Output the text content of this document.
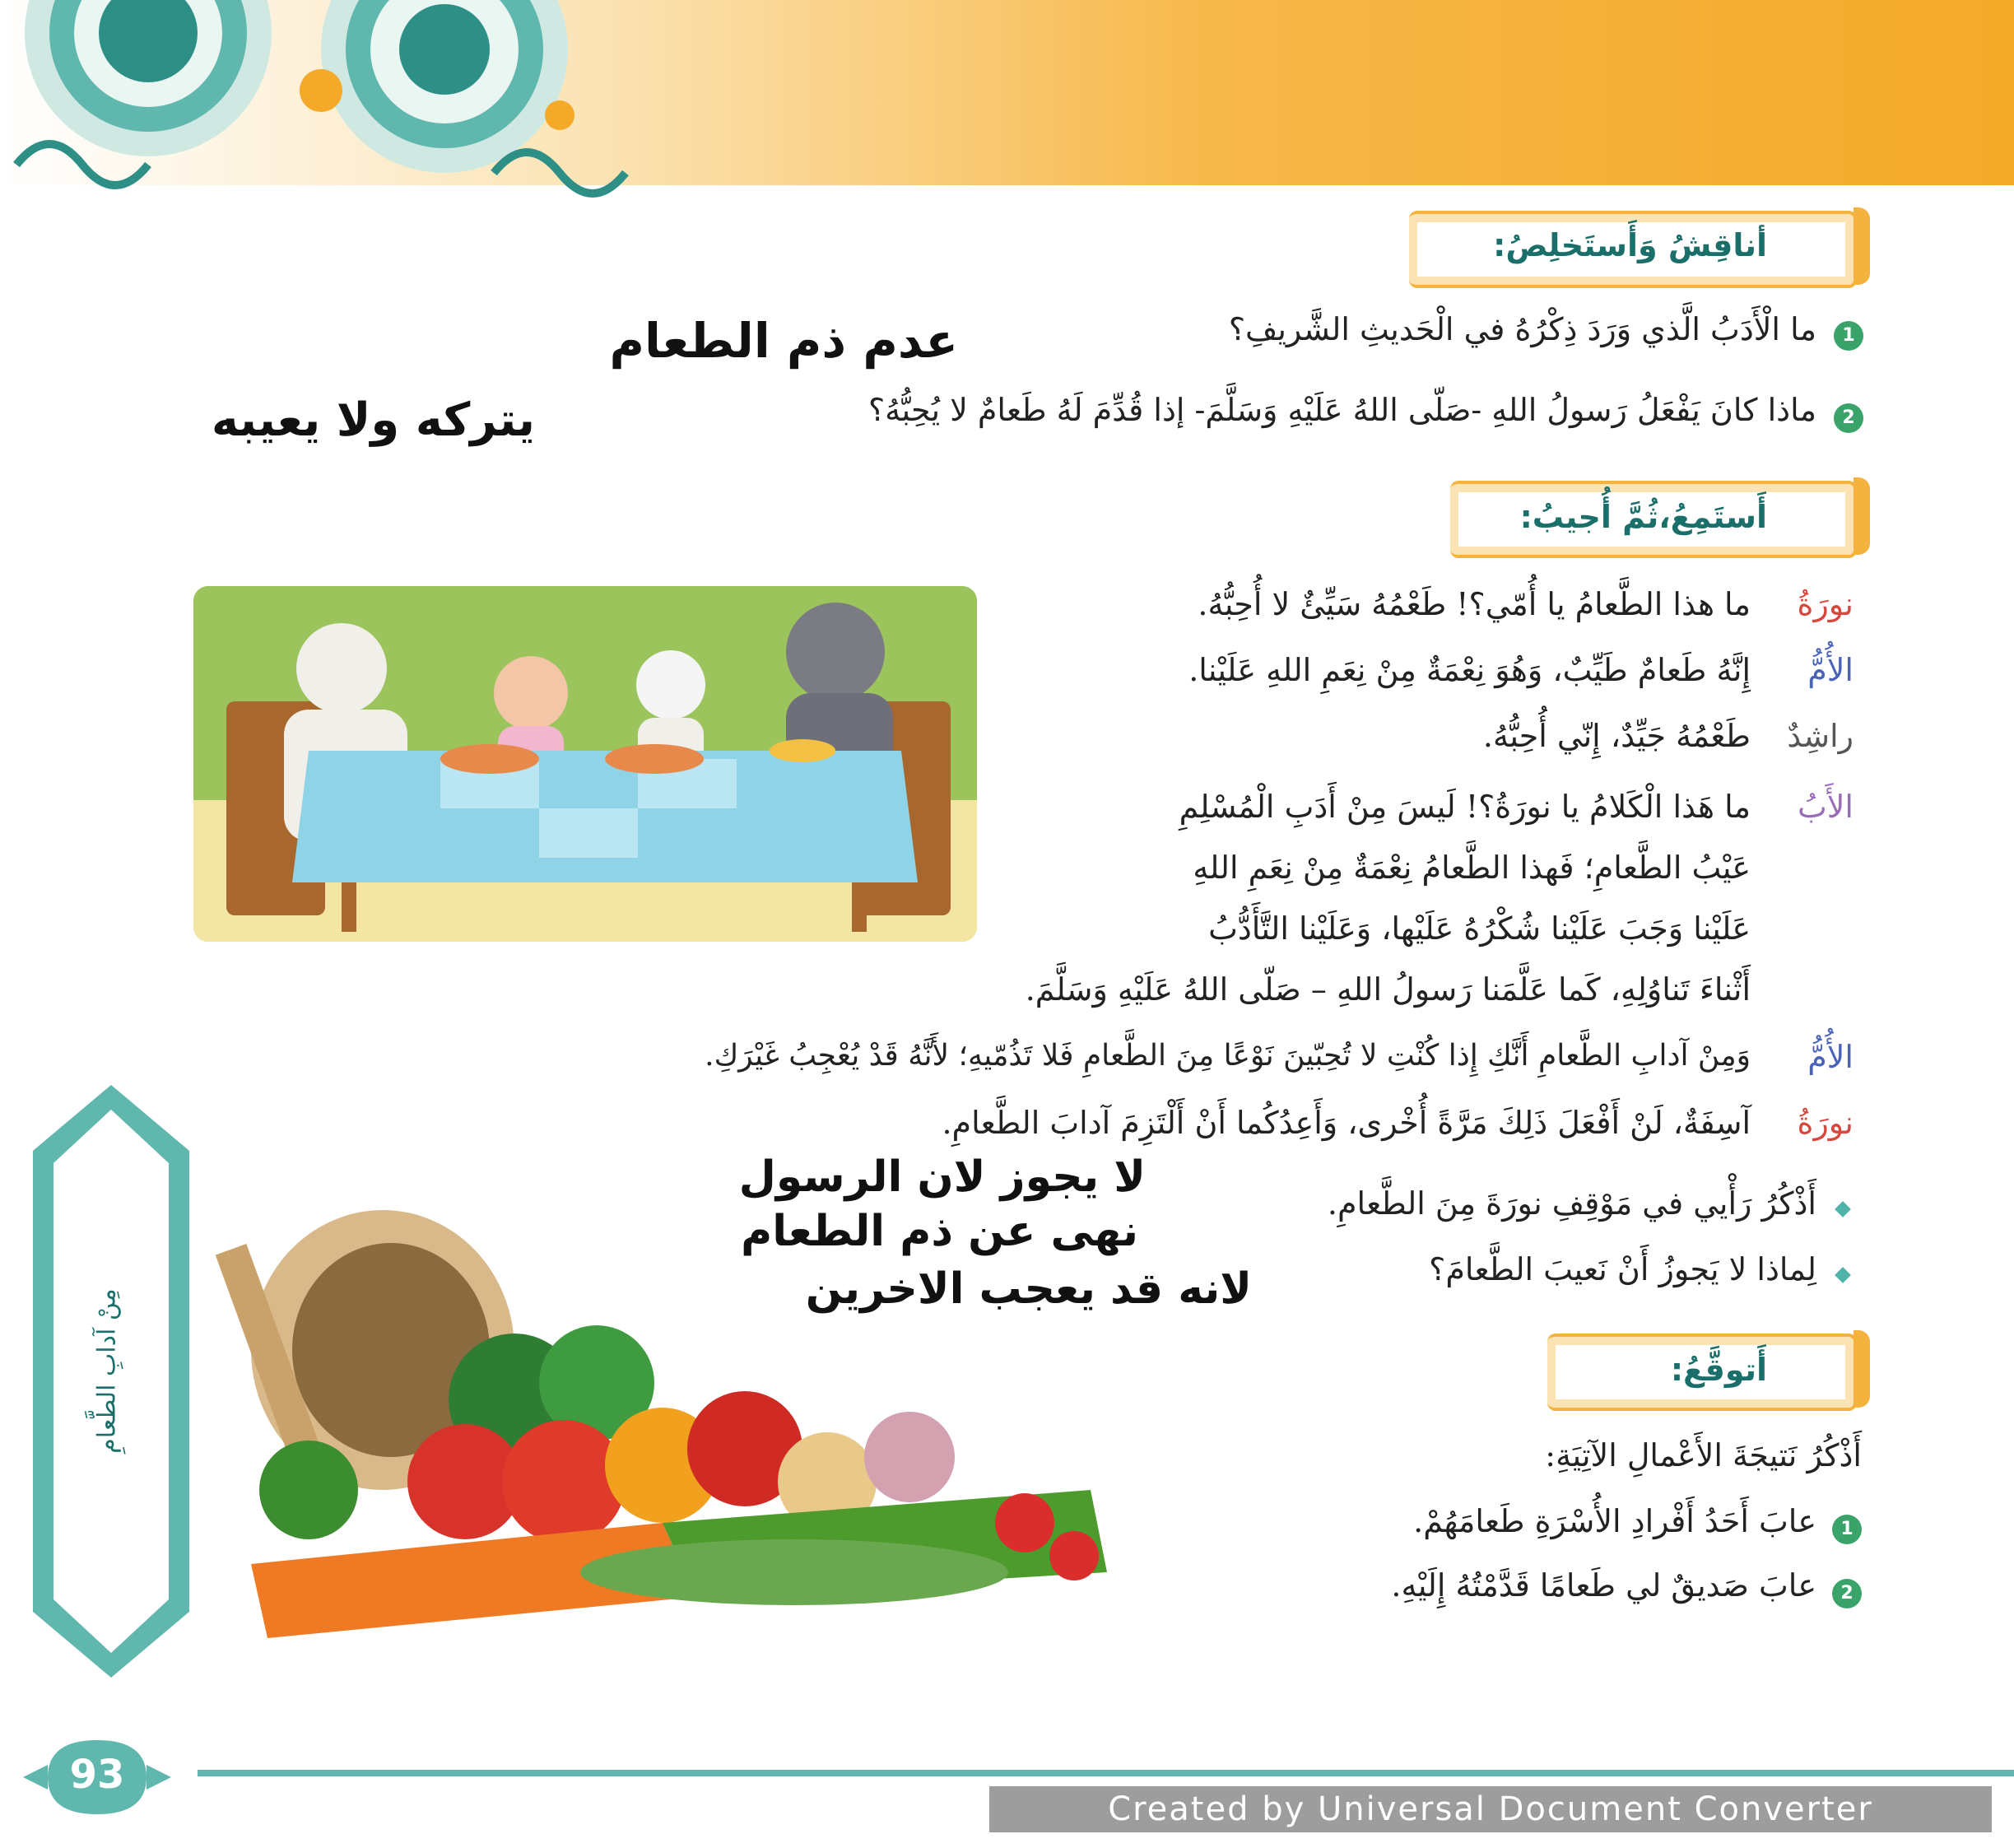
أناقِشُ وَأَستَخلِصُ:
1
ما الْأَدَبُ الَّذي وَرَدَ ذِكْرُهُ في الْحَديثِ الشَّريفِ؟
عدم ذم الطعام
2
ماذا كانَ يَفْعَلُ رَسولُ اللهِ -صَلّى اللهُ عَلَيْهِ وَسَلَّمَ- إذا قُدِّمَ لَهُ طَعامٌ لا يُحِبُّهُ؟
يتركه ولا يعيبه
أَستَمِعُ،ثُمَّ أُجيبُ:
نورَةُ
ما هذا الطَّعامُ يا أُمّي؟! طَعْمُهُ سَيِّئٌ لا أُحِبُّهُ.
الأُمُّ
إِنَّهُ طَعامٌ طَيِّبٌ، وَهُوَ نِعْمَةٌ مِنْ نِعَمِ اللهِ عَلَيْنا.
راشِدٌ
طَعْمُهُ جَيِّدٌ، إِنّي أُحِبُّهُ.
الأَبُ
ما هَذا الْكَلامُ يا نورَةُ؟! لَيسَ مِنْ أَدَبِ الْمُسْلِمِ
عَيْبُ الطَّعامِ؛ فَهذا الطَّعامُ نِعْمَةٌ مِنْ نِعَمِ اللهِ
عَلَيْنا وَجَبَ عَلَيْنا شُكْرُهُ عَلَيْها، وَعَلَيْنا التَّأَدُّبُ
أَثْناءَ تَناوُلِهِ، كَما عَلَّمَنا رَسولُ اللهِ – صَلّى اللهُ عَلَيْهِ وَسَلَّمَ.
الأُمُّ
وَمِنْ آدابِ الطَّعامِ أَنَّكِ إِذا كُنْتِ لا تُحِبّينَ نَوْعًا مِنَ الطَّعامِ فَلا تَذُمّيهِ؛ لأَنَّهُ قَدْ يُعْجِبُ غَيْرَكِ.
نورَةُ
آسِفَةٌ، لَنْ أَفْعَلَ ذَلِكَ مَرَّةً أُخْرى، وَأَعِدُكُما أَنْ أَلْتَزِمَ آدابَ الطَّعامِ.
أَذْكُرُ رَأْيي في مَوْقِفِ نورَةَ مِنَ الطَّعامِ.
لا يجوز لان الرسول
نهى عن ذم الطعام
لِماذا لا يَجوزُ أَنْ نَعيبَ الطَّعامَ؟
لانه قد يعجب الاخرين
أَتوقَّعُ:
أَذْكُرُ نَتيجَةَ الأَعْمالِ الآتِيَةِ:
1
عابَ أَحَدُ أَفْرادِ الأُسْرَةِ طَعامَهُمْ.
2
عابَ صَديقٌ لي طَعامًا قَدَّمْتُهُ إِلَيْهِ.
مِنْ آدابِ الطَّعامِ
93
Created by Universal Document Converter
